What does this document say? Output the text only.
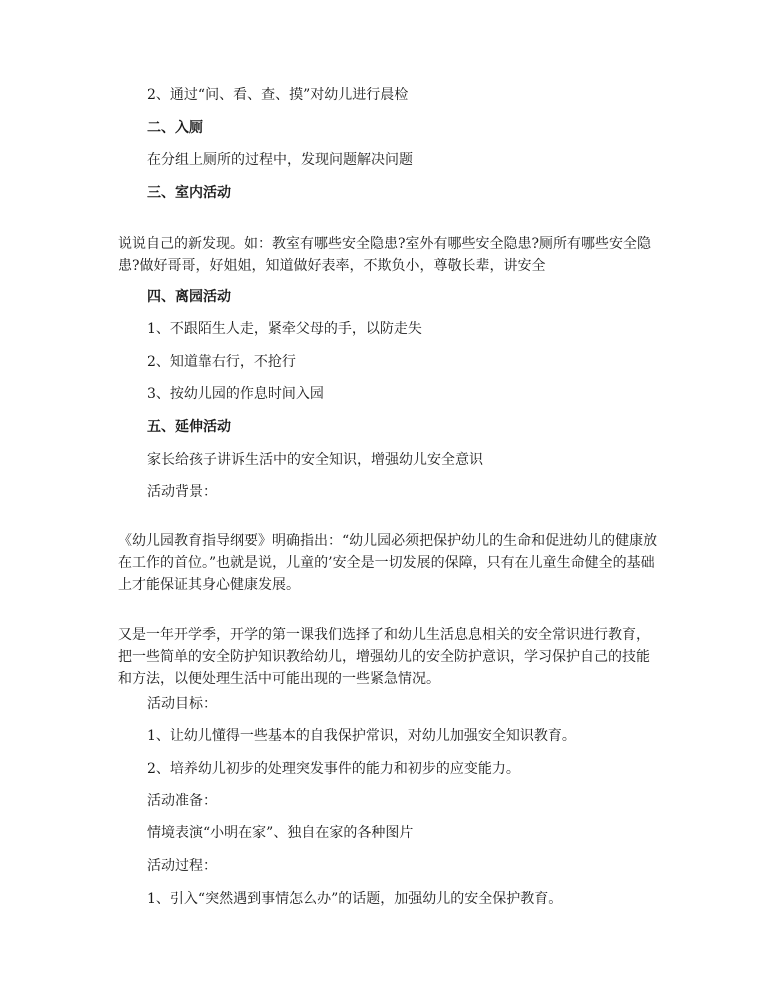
2、通过“问、看、查、摸”对幼儿进行晨检

二、入厕

在分组上厕所的过程中，发现问题解决问题

三、室内活动

说说自己的新发现。如：教室有哪些安全隐患?室外有哪些安全隐患?厕所有哪些安全隐患?做好哥哥，好姐姐，知道做好表率，不欺负小，尊敬长辈，讲安全

四、离园活动

1、不跟陌生人走，紧牵父母的手，以防走失

2、知道靠右行，不抢行

3、按幼儿园的作息时间入园

五、延伸活动

家长给孩子讲诉生活中的安全知识，增强幼儿安全意识

活动背景：

《幼儿园教育指导纲要》明确指出：“幼儿园必须把保护幼儿的生命和促进幼儿的健康放在工作的首位。”也就是说，儿童的’安全是一切发展的保障，只有在儿童生命健全的基础上才能保证其身心健康发展。

又是一年开学季，开学的第一课我们选择了和幼儿生活息息相关的安全常识进行教育，把一些简单的安全防护知识教给幼儿，增强幼儿的安全防护意识，学习保护自己的技能和方法，以便处理生活中可能出现的一些紧急情况。

活动目标：

1、让幼儿懂得一些基本的自我保护常识，对幼儿加强安全知识教育。

2、培养幼儿初步的处理突发事件的能力和初步的应变能力。

活动准备：

情境表演“小明在家”、独自在家的各种图片

活动过程：

1、引入“突然遇到事情怎么办”的话题，加强幼儿的安全保护教育。
